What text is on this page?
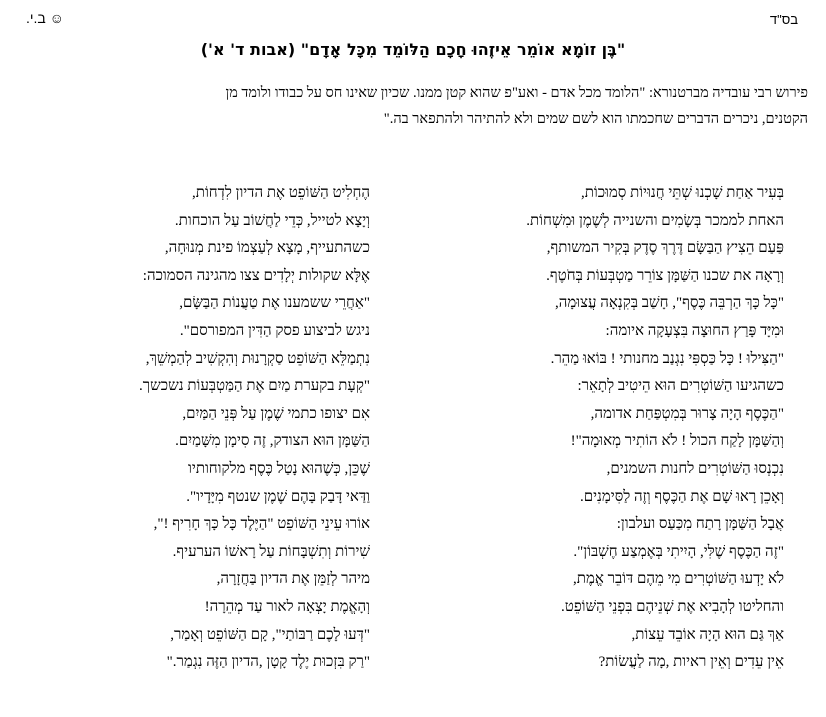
בס"ד
☺ ב.י.
"בֶּן זוֹמָא אוֹמֵר אֵיזֶהוּ חָכָם הַלּוֹמֵד מִכָּל אָדָם" (אבות ד' א')
פירוש רבי עובדיה מברטנורא: "הלומד מכל אדם - ואע"פ שהוא קטן ממנו. שכיון שאינו חס על כבודו ולומד מן
הקטנים, ניכרים הדברים שחכמתו הוא לשם שמים ולא להתיהר ולהתפאר בה."
בְּעִיר אַחַת שָׁכְנוּ שְׁתֵּי חֲנוּיוֹת סְמוּכוֹת,
האחת לממכר בְּשָׂמִים והשנייה לְשֶׁמֶן וּמִשְׁחוֹת.
פַּעַם הֵצִיץ הַבַּשָּׂם דֶּרֶךְ סֶדֶק בְּקִיר המשותף,
וְרָאָה את שכנו הַשַּׁמָּן צוֹרֵר מַטְבְּעוֹת בְּחֹטֶף.
"כָּל כָּךְ הַרְבֵּה כֶּסֶף", חָשַׁב בְּקִנְאָה עֲצוּמָה,
וּמִיָּד פָּרַץ החוּצָה בִּצְעָקָה איומה:
"הַצִּילוּ ! כָּל כַּסְפִּי נִגְנַב מחנותי ! בּוֹאוּ מַהֵר.
כשהגיעו הַשּׁוֹטְרִים הוּא הֵיטִיב לְתָאֵר:
"הַכֶּסֶף הָיָה צָרוּר בְּמִטְפַּחַת אדומה,
וְהַשַּׁמָּן לָקַח הכול ! לֹא הוֹתִיר מְאוּמָה"!
נִכְנְסוּ הַשּׁוֹטְרִים לחנות השמנים,
וְאָכֵן רָאוּ שָׁם אֶת הַכֶּסֶף וְזֶה לַסִּימָנִים.
אֲבָל הַשַּׁמָּן רָתַח מִכַּעַס ועלבון:
"זֶה הַכֶּסֶף שֶׁלִּי, הָיִיתִי בְּאֶמְצַע חֶשְׁבּוֹן".
לֹא יָדְעוּ הַשּׁוֹטְרִים מִי מֵהֶם דּוֹבֵר אֱמֶת,
והחליטו לְהָבִיא אֶת שְׁנֵיהֶם בִּפְנֵי הַשּׁוֹפֵט.
אַךְ גַּם הוּא הָיָה אוֹבֵד עֵצוֹת,
אֵין עֵדִים וְאֵין ראיות ,מָה לַעֲשׂוֹת?
הֶחְלִיט הַשּׁוֹפֵט אֶת הדיון לִדְחוֹת,
וְיָצָא לטייל, כְּדֵי לַחֲשׁוֹב עַל הוכחות.
כשהתעייף, מָצָא לְעַצְמוֹ פינת מְנוּחָה,
אֶלָּא שקולות יְלָדִים צצו מהגינה הסמוכה:
"אַחֲרֵי ששמענו אֶת טַעֲנוֹת הַבַּשָּׂם,
ניגש לביצוע פסק הַדִּין המפורסם".
נִתְמַלֵּא הַשּׁוֹפֵט סַקְרָנוּת וְהִקְשִׁיב לְהַמְשֵׁךְ,
"קְעָת בקערת מַיִם אֶת הַמַּטְבְּעוֹת נשכשך.
אִם יצופו כתמי שֶׁמֶן עַל פְּנֵי הַמַּיִם,
הַשַּׁמָּן הוּא הצודק, זֶה סִימָן מִשָּׁמַיִם.
שֶׁכֵּן, כְּשֶׁהוּא נָטַל כֶּסֶף מלקוחותיו
וַדַּאי דָּבַק בָּהֶם שֶׁמֶן שנטף מִיָּדָיו".
אוֹרוּ עֵינֵי הַשּׁוֹפֵט "הַיֶּלֶד כָּל כָּךְ חָרִיף !",
שִׁירוֹת וְתִשְׁבָּחוֹת עַל רָאשׁוֹ הערעיף.
מיהר לְזַמֵּן אֶת הדיון בַּחֲזָרָה,
וְהָאֱמֶת יָצְאָה לאור עַד מְהֵרָה!
"דְּעוּ לָכֶם רַבּוֹתַי", קָם הַשּׁוֹפֵט וְאָמַר,
"רַק בִּזְכוּת יֶלֶד קָטָן ,הדיון הַזֶּה נִגְמַר."
